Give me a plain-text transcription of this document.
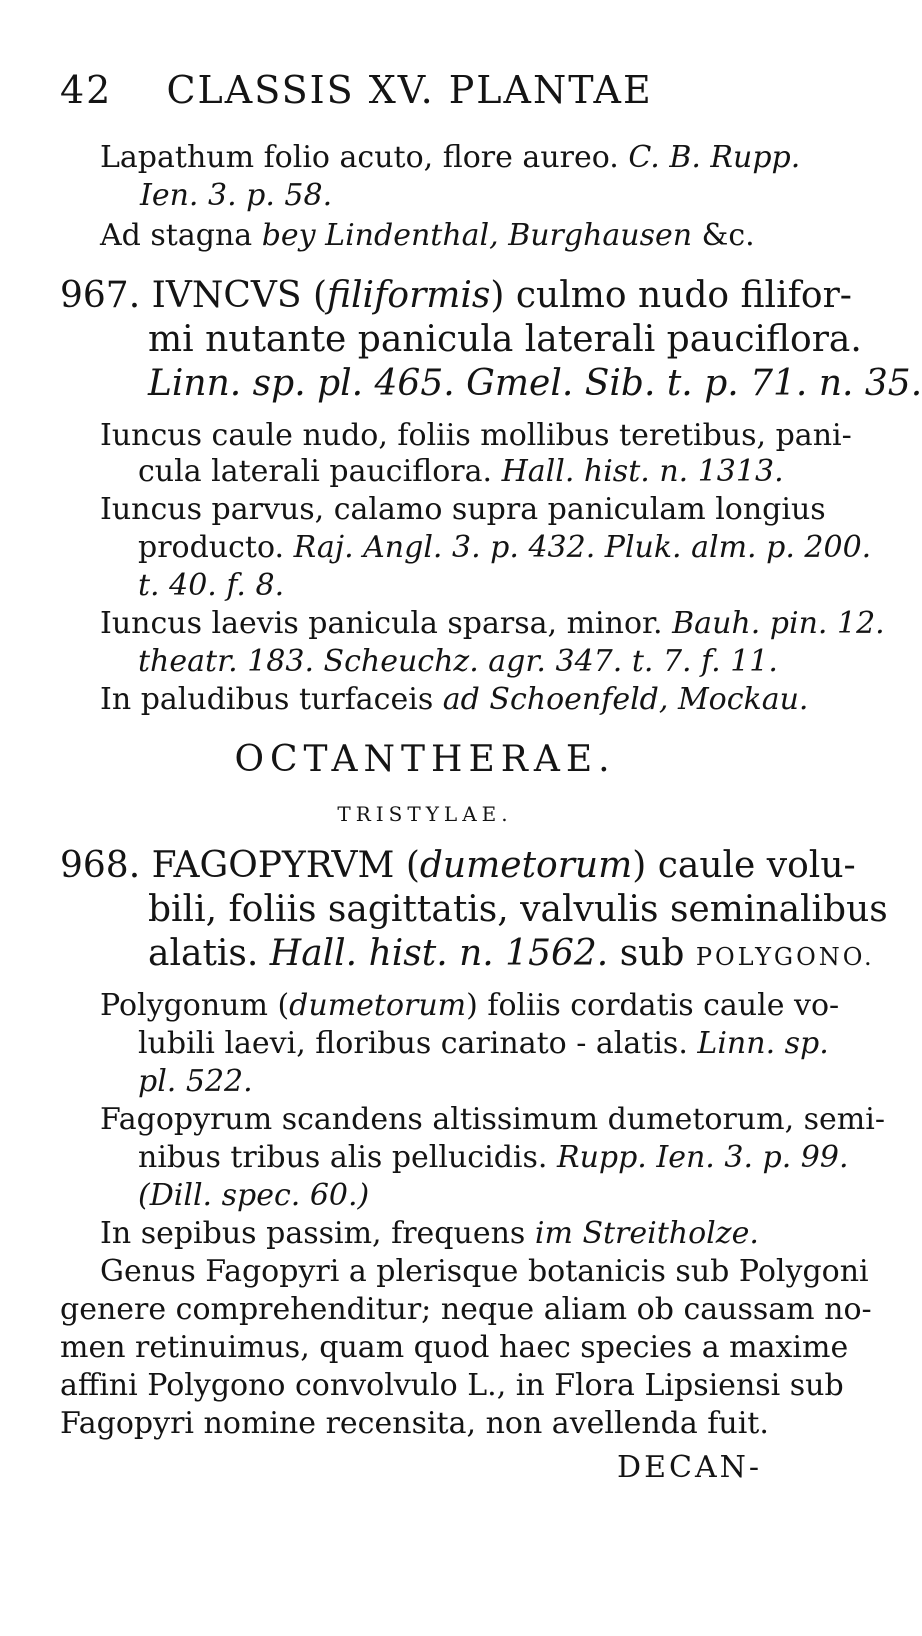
42 CLASSIS XV. PLANTAE
Lapathum folio acuto, flore aureo. C. B. Rupp.
Ien. 3. p. 58.
Ad stagna bey Lindenthal, Burghausen &c.
967. IVNCVS (filiformis) culmo nudo filifor-
mi nutante panicula laterali pauciflora.
Linn. sp. pl. 465. Gmel. Sib. t. p. 71. n. 35.
Iuncus caule nudo, foliis mollibus teretibus, pani-
cula laterali pauciflora. Hall. hist. n. 1313.
Iuncus parvus, calamo supra paniculam longius
producto. Raj. Angl. 3. p. 432. Pluk. alm. p. 200.
t. 40. f. 8.
Iuncus laevis panicula sparsa, minor. Bauh. pin. 12.
theatr. 183. Scheuchz. agr. 347. t. 7. f. 11.
In paludibus turfaceis ad Schoenfeld, Mockau.
OCTANTHERAE.
TRISTYLAE.
968. FAGOPYRVM (dumetorum) caule volu-
bili, foliis sagittatis, valvulis seminalibus
alatis. Hall. hist. n. 1562. sub POLYGONO.
Polygonum (dumetorum) foliis cordatis caule vo-
lubili laevi, floribus carinato - alatis. Linn. sp.
pl. 522.
Fagopyrum scandens altissimum dumetorum, semi-
nibus tribus alis pellucidis. Rupp. Ien. 3. p. 99.
(Dill. spec. 60.)
In sepibus passim, frequens im Streitholze.
Genus Fagopyri a plerisque botanicis sub Polygoni
genere comprehenditur; neque aliam ob caussam no-
men retinuimus, quam quod haec species a maxime
affini Polygono convolvulo L., in Flora Lipsiensi sub
Fagopyri nomine recensita, non avellenda fuit.
DECAN-
